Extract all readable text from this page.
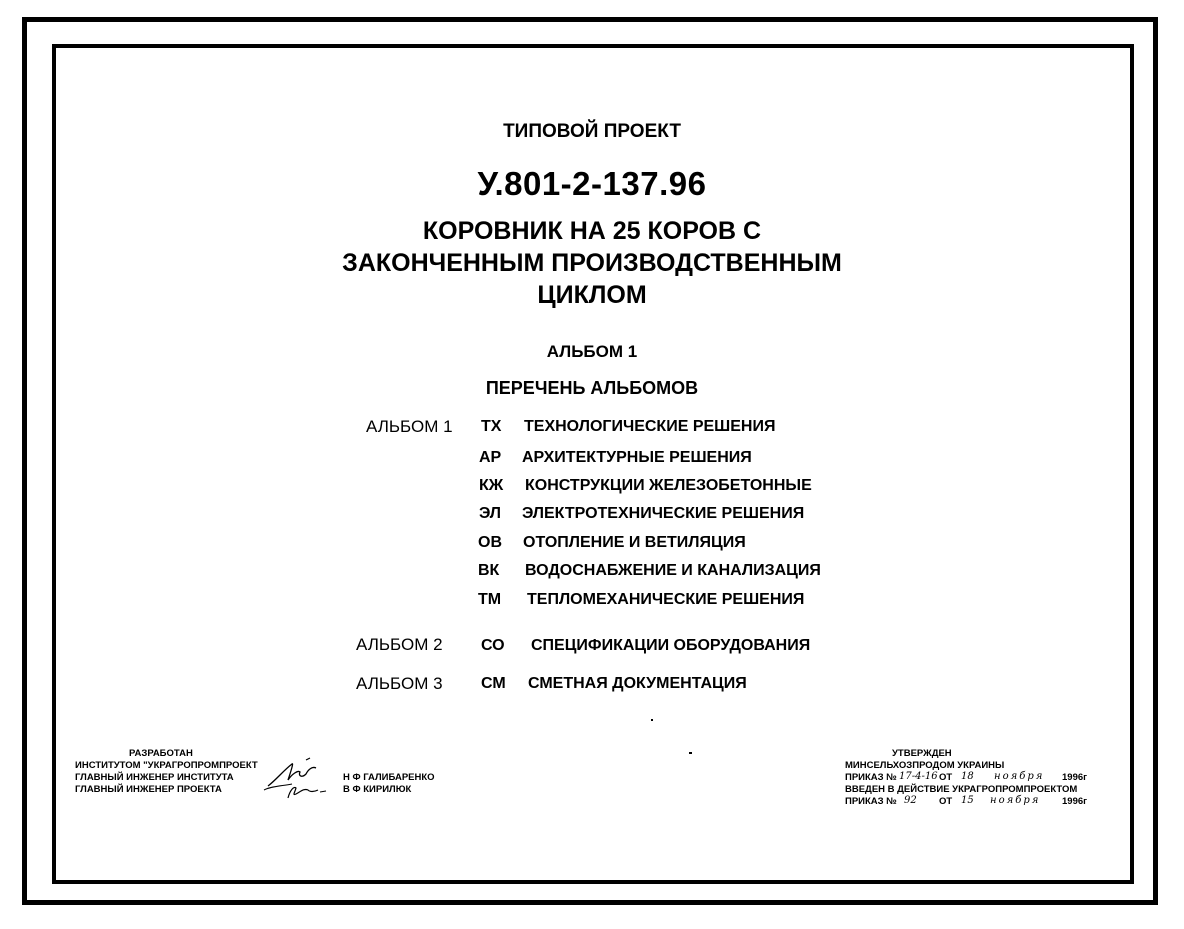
ТИПОВОЙ ПРОЕКТ
У.801-2-137.96
КОРОВНИК НА 25 КОРОВ С
ЗАКОНЧЕННЫМ ПРОИЗВОДСТВЕННЫМ
ЦИКЛОМ
АЛЬБОМ 1
ПЕРЕЧЕНЬ АЛЬБОМОВ
АЛЬБОМ 1 ТХ ТЕХНОЛОГИЧЕСКИЕ РЕШЕНИЯ
АР АРХИТЕКТУРНЫЕ РЕШЕНИЯ
КЖ КОНСТРУКЦИИ ЖЕЛЕЗОБЕТОННЫЕ
ЭЛ ЭЛЕКТРОТЕХНИЧЕСКИЕ РЕШЕНИЯ
ОВ ОТОПЛЕНИЕ И ВЕТИЛЯЦИЯ
ВК ВОДОСНАБЖЕНИЕ И КАНАЛИЗАЦИЯ
ТМ ТЕПЛОМЕХАНИЧЕСКИЕ РЕШЕНИЯ
АЛЬБОМ 2 СО СПЕЦИФИКАЦИИ ОБОРУДОВАНИЯ
АЛЬБОМ 3 СМ СМЕТНАЯ ДОКУМЕНТАЦИЯ
РАЗРАБОТАН
ИНСТИТУТОМ "УКРАГРОПРОМПРОЕКТ
ГЛАВНЫЙ ИНЖЕНЕР ИНСТИТУТА
ГЛАВНЫЙ ИНЖЕНЕР ПРОЕКТА
Н Ф ГАЛИБАРЕНКО
В Ф КИРИЛЮК
УТВЕРЖДЕН
МИНСЕЛЬХОЗПРОДОМ УКРАИНЫ
ПРИКАЗ № 17-4-16 ОТ 18 ноября 1996г
ВВЕДЕН В ДЕЙСТВИЕ УКРАГРОПРОМПРОЕКТОМ
ПРИКАЗ № 92 ОТ 15 ноября 1996г
